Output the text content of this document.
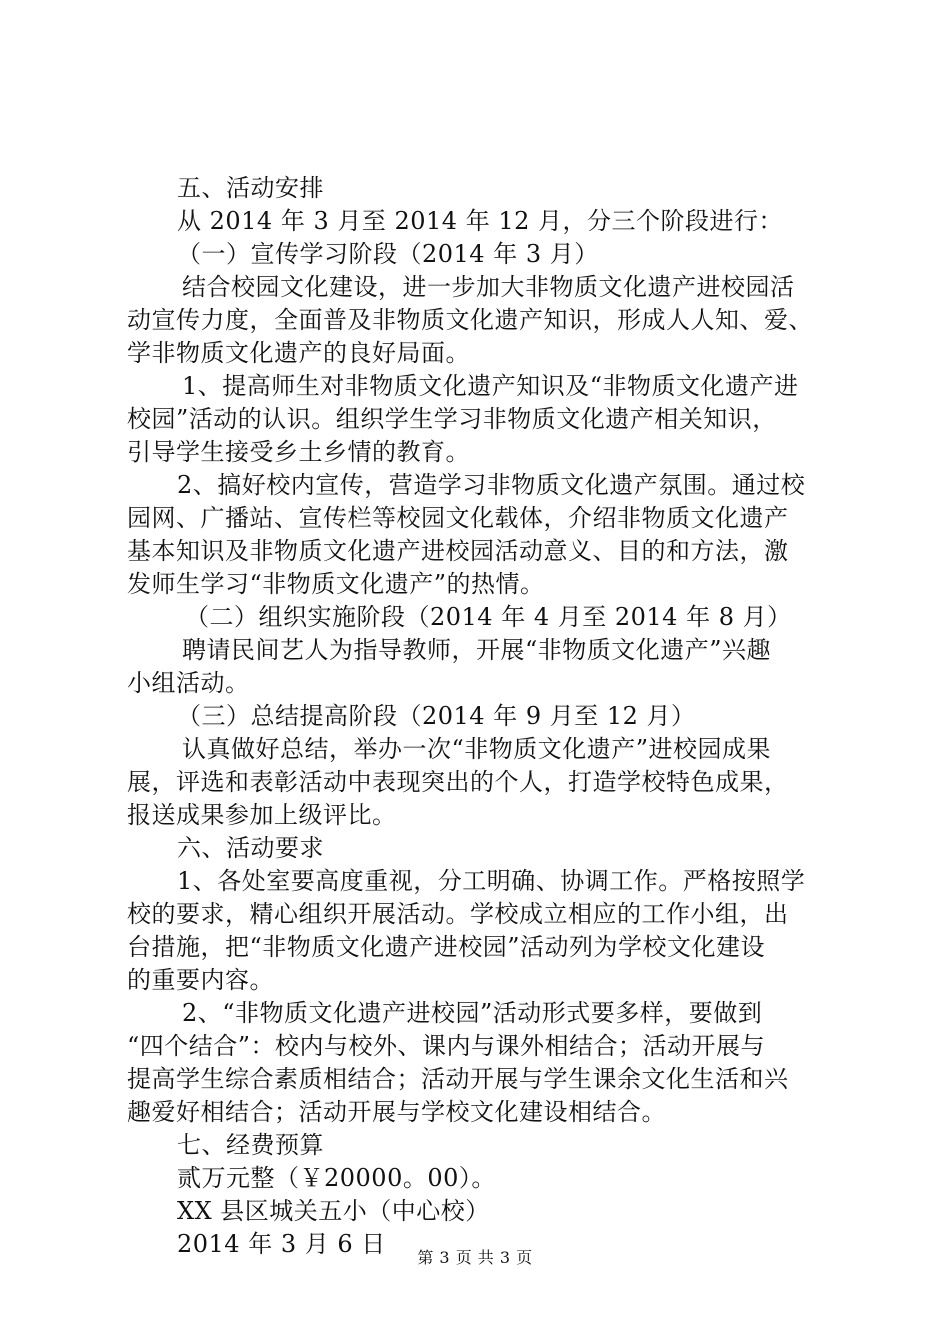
五、活动安排
从 2014 年 3 月至 2014 年 12 月，分三个阶段进行：
（一）宣传学习阶段（2014 年 3 月）
结合校园文化建设，进一步加大非物质文化遗产进校园活
动宣传力度，全面普及非物质文化遗产知识，形成人人知、爱、
学非物质文化遗产的良好局面。
1、提高师生对非物质文化遗产知识及“非物质文化遗产进
校园”活动的认识。组织学生学习非物质文化遗产相关知识，
引导学生接受乡土乡情的教育。
2、搞好校内宣传，营造学习非物质文化遗产氛围。通过校
园网、广播站、宣传栏等校园文化载体，介绍非物质文化遗产
基本知识及非物质文化遗产进校园活动意义、目的和方法，激
发师生学习“非物质文化遗产”的热情。
（二）组织实施阶段（2014 年 4 月至 2014 年 8 月）
聘请民间艺人为指导教师，开展“非物质文化遗产”兴趣
小组活动。
（三）总结提高阶段（2014 年 9 月至 12 月）
认真做好总结，举办一次“非物质文化遗产”进校园成果
展，评选和表彰活动中表现突出的个人，打造学校特色成果，
报送成果参加上级评比。
六、活动要求
1、各处室要高度重视，分工明确、协调工作。严格按照学
校的要求，精心组织开展活动。学校成立相应的工作小组，出
台措施，把“非物质文化遗产进校园”活动列为学校文化建设
的重要内容。
2、“非物质文化遗产进校园”活动形式要多样，要做到
“四个结合”：校内与校外、课内与课外相结合；活动开展与
提高学生综合素质相结合；活动开展与学生课余文化生活和兴
趣爱好相结合；活动开展与学校文化建设相结合。
七、经费预算
贰万元整（￥20000。00）。
XX 县区城关五小（中心校）
2014 年 3 月 6 日	第 3 页 共 3 页
